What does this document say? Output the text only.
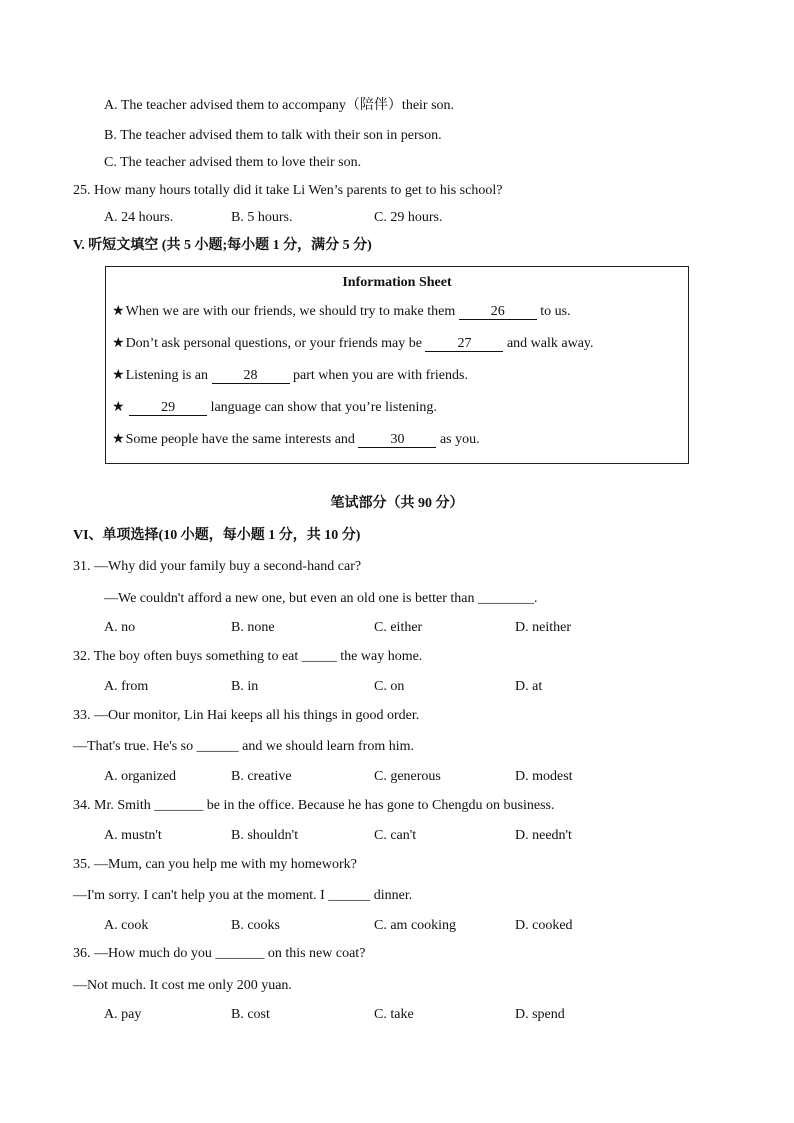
A. The teacher advised them to accompany（陪伴）their son.
B. The teacher advised them to talk with their son in person.
C. The teacher advised them to love their son.
25. How many hours totally did it take Li Wen’s parents to get to his school?
A. 24 hours.	B. 5 hours.	C. 29 hours.
V. 听短文填空 (共 5 小题;每小题 1 分，满分 5 分)
Information Sheet
★When we are with our friends, we should try to make them 26 to us.
★Don’t ask personal questions, or your friends may be 27 and walk away.
★Listening is an 28 part when you are with friends.
★	29 language can show that you’re listening.
★Some people have the same interests and 30 as you.
笔试部分（共 90 分）
VI、单项选择(10 小题，每小题 1 分，共 10 分)
31. —Why did your family buy a second-hand car?
—We couldn't afford a new one, but even an old one is better than ________.
A. no	B. none	C. either	D. neither
32. The boy often buys something to eat _____ the way home.
A. from	B. in	C. on	D. at
33. —Our monitor, Lin Hai keeps all his things in good order.
—That's true. He's so ______ and we should learn from him.
A. organized	B. creative	C. generous	D. modest
34. Mr. Smith _______ be in the office. Because he has gone to Chengdu on business.
A. mustn't	B. shouldn't	C. can't	D. needn't
35. —Mum, can you help me with my homework?
—I'm sorry. I can't help you at the moment. I ______ dinner.
A. cook	B. cooks	C. am cooking	D. cooked
36. —How much do you _______ on this new coat?
—Not much. It cost me only 200 yuan.
A. pay	B. cost	C. take	D. spend
